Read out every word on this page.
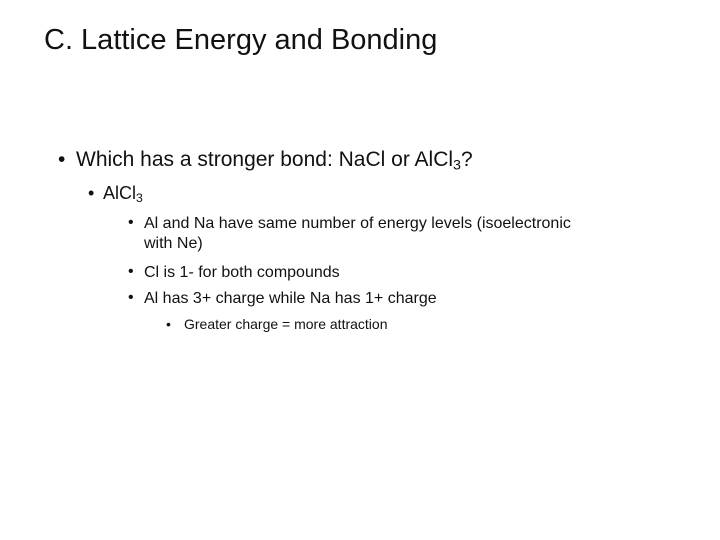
C. Lattice Energy and Bonding
• Which has a stronger bond: NaCl or AlCl$_3$?
• AlCl$_3$
• Al and Na have same number of energy levels (isoelectronic
with Ne)
• Cl is 1- for both compounds
• Al has 3+ charge while Na has 1+ charge
• Greater charge = more attraction
